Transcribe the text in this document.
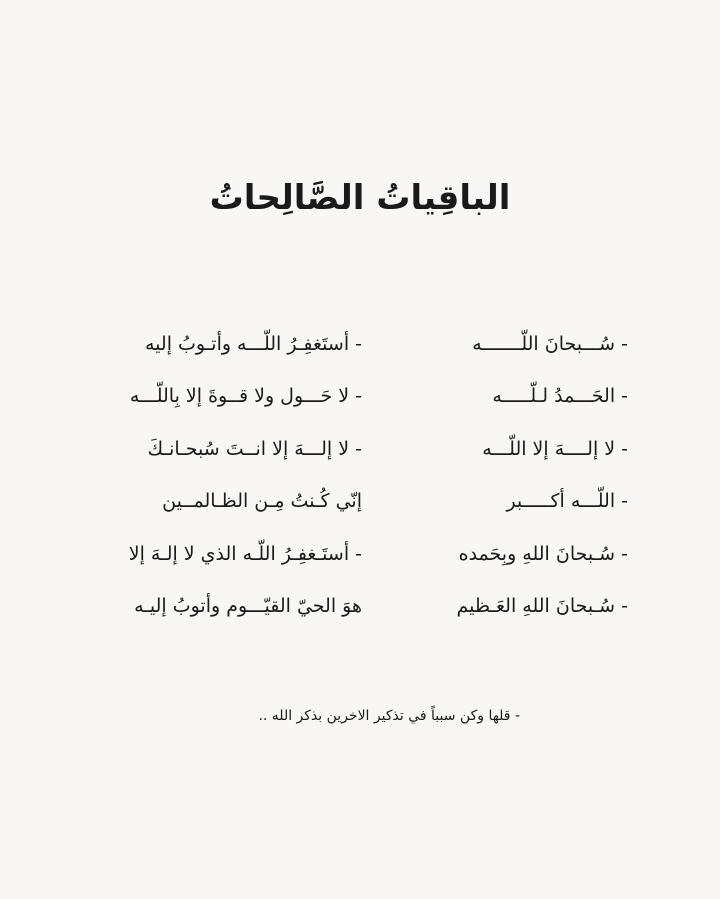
الباقِياتُ الصَّالِحاتُ
- سُـــبحانَ اللّـــــــه
- الحَـــمدُ لـلّـــــه
- لا إلــــهَ إلا اللّـــه
- اللّـــه أكـــــبر
- سُـبحانَ اللهِ وبِحَمده
- سُـبحانَ اللهِ العَـظيم
- أستَغفِـرُ اللّـــه وأتـوبُ إليه
- لا حَـــول ولا قــوةَ إلا بِاللّـــه
- لا إلـــهَ إلا انــتَ سُبحـانـكَ
إنّي كُـنتُ مِـن الظـالمــين
- أستَـغفِـرُ اللّـه الذي لا إلـهَ إلا
هوَ الحيّ القيّـــوم وأتوبُ إليـه
- قلها وكن سبباً في تذكير الاخرين بذكر الله ..
